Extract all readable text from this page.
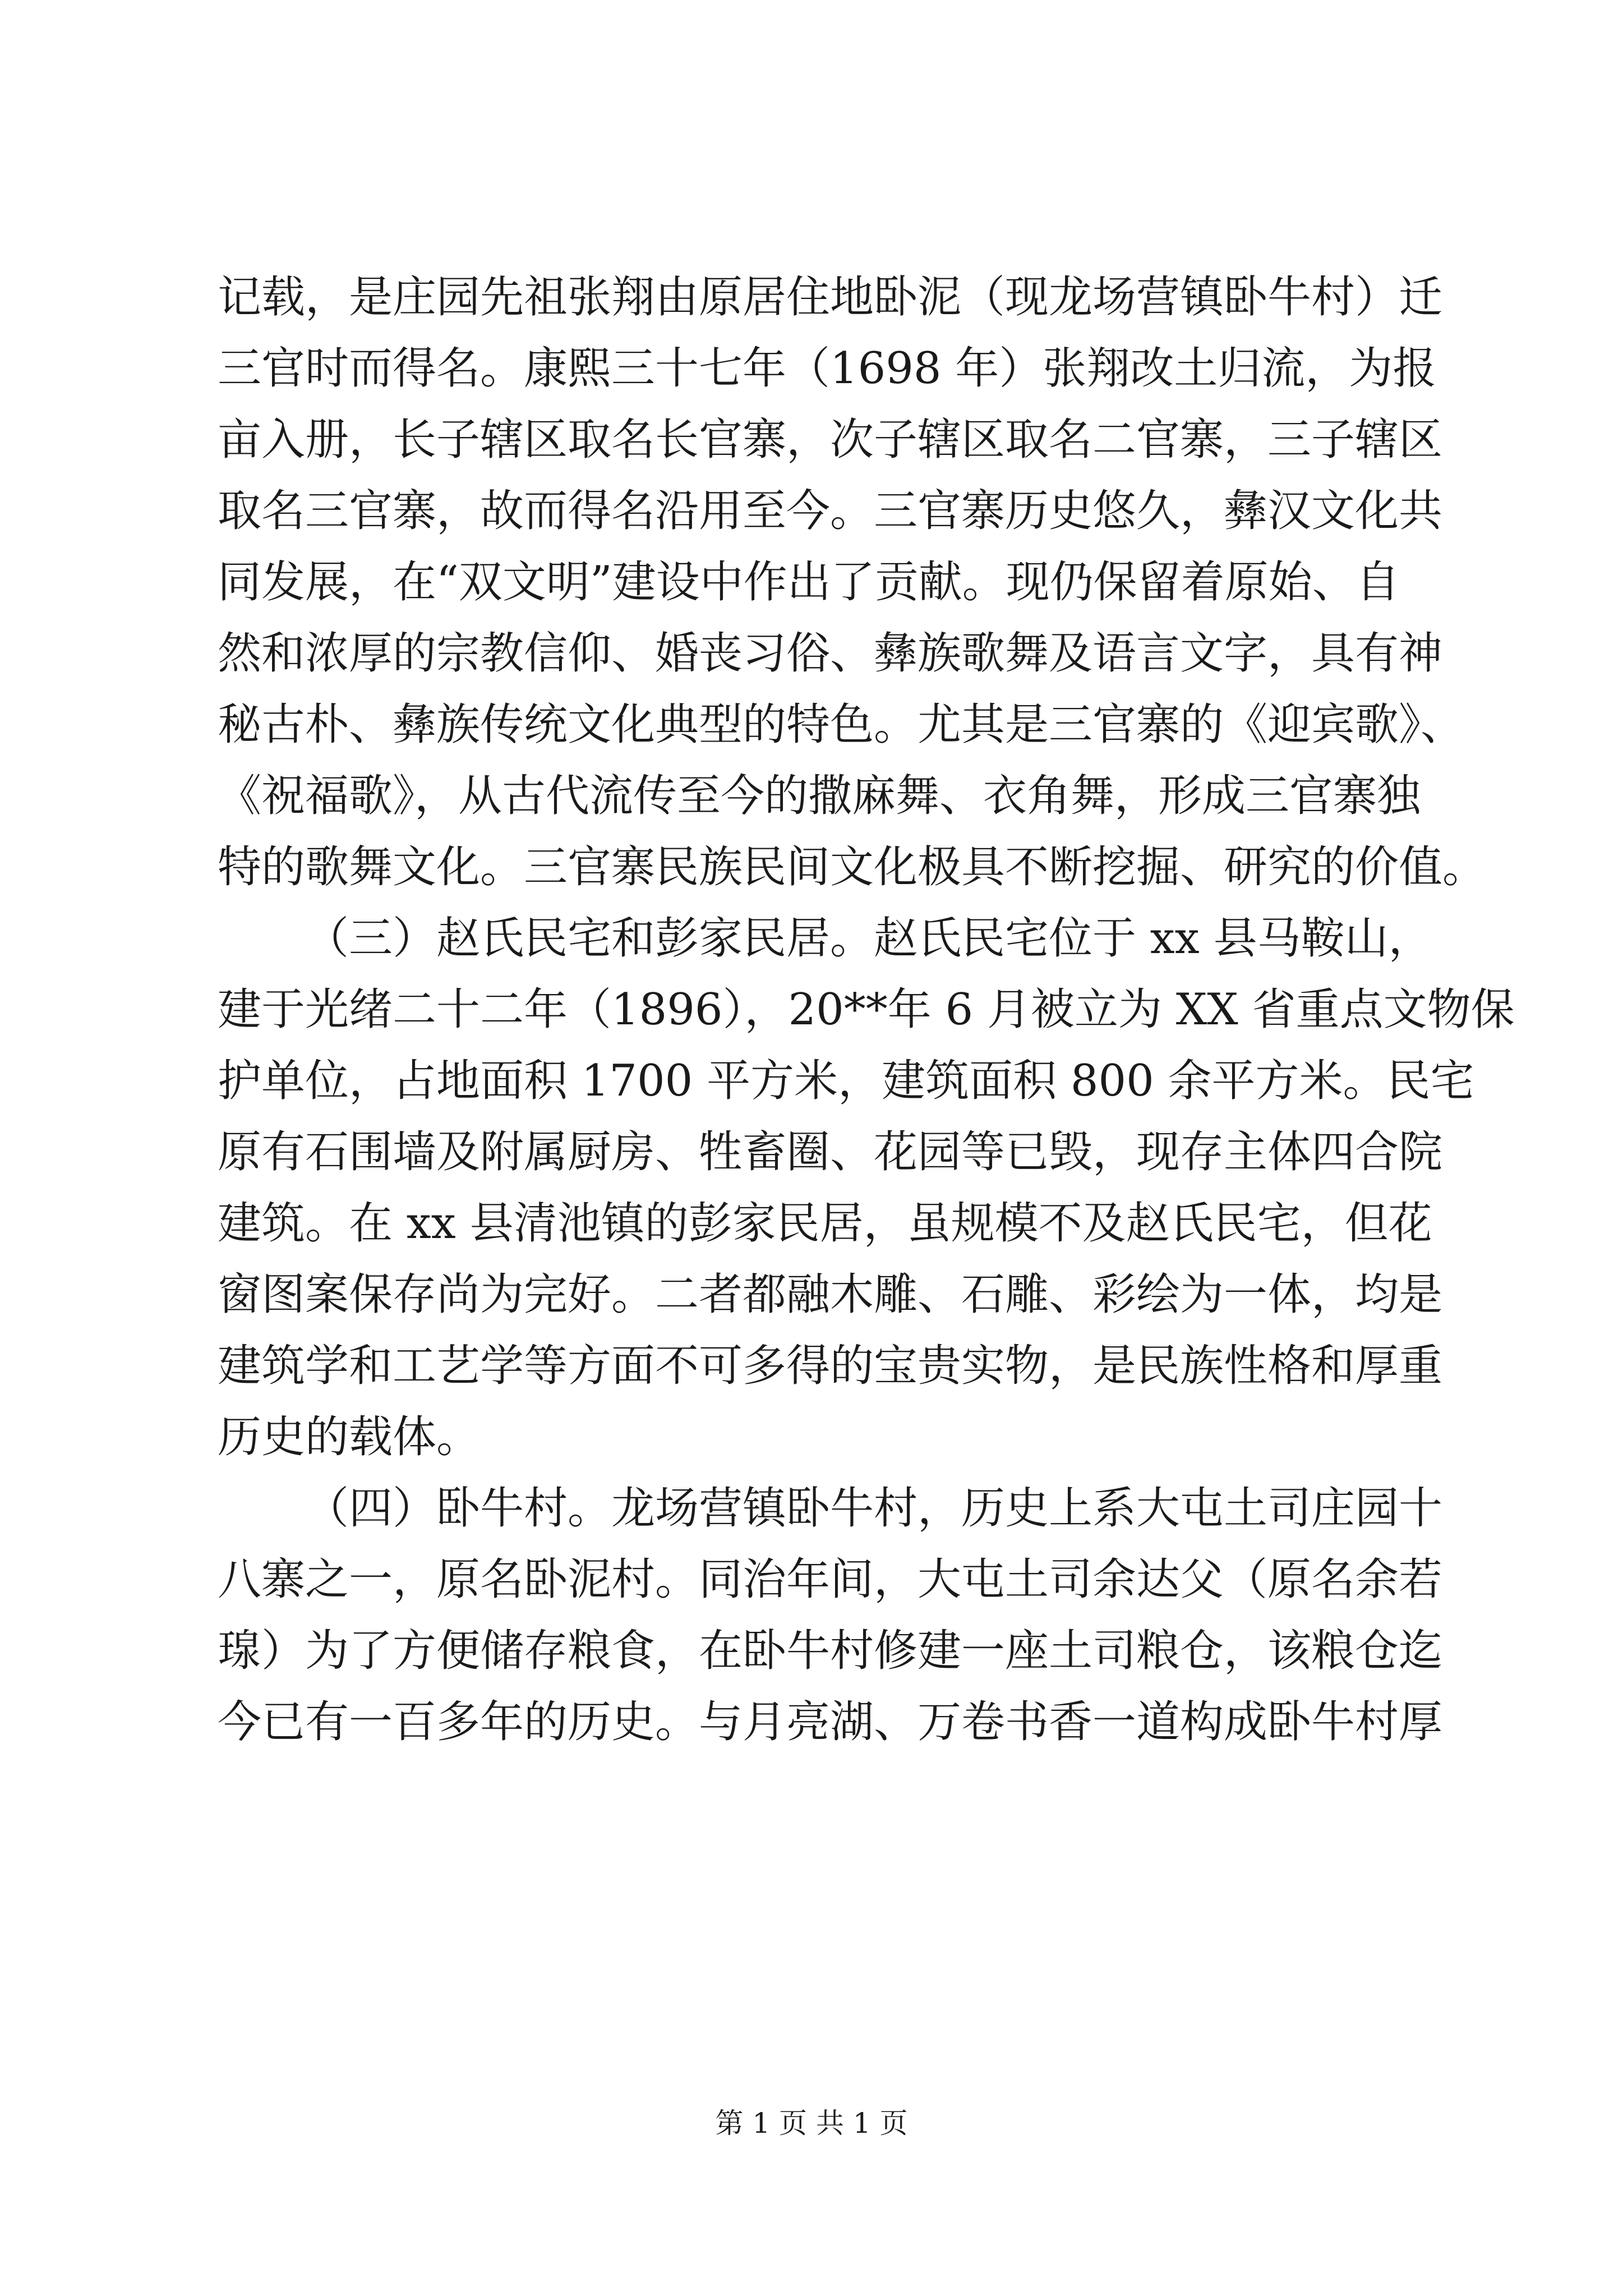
记载，是庄园先祖张翔由原居住地卧泥（现龙场营镇卧牛村）迁
三官时而得名。康熙三十七年（1698 年）张翔改土归流，为报
亩入册，长子辖区取名长官寨，次子辖区取名二官寨，三子辖区
取名三官寨，故而得名沿用至今。三官寨历史悠久，彝汉文化共
同发展，在“双文明”建设中作出了贡献。现仍保留着原始、自
然和浓厚的宗教信仰、婚丧习俗、彝族歌舞及语言文字，具有神
秘古朴、彝族传统文化典型的特色。尤其是三官寨的《迎宾歌》、
《祝福歌》，从古代流传至今的撒麻舞、衣角舞，形成三官寨独
特的歌舞文化。三官寨民族民间文化极具不断挖掘、研究的价值。
（三）赵氏民宅和彭家民居。赵氏民宅位于 xx 县马鞍山，
建于光绪二十二年（1896），20**年 6 月被立为 XX 省重点文物保
护单位，占地面积 1700 平方米，建筑面积 800 余平方米。民宅
原有石围墙及附属厨房、牲畜圈、花园等已毁，现存主体四合院
建筑。在 xx 县清池镇的彭家民居，虽规模不及赵氏民宅，但花
窗图案保存尚为完好。二者都融木雕、石雕、彩绘为一体，均是
建筑学和工艺学等方面不可多得的宝贵实物，是民族性格和厚重
历史的载体。
（四）卧牛村。龙场营镇卧牛村，历史上系大屯土司庄园十
八寨之一，原名卧泥村。同治年间，大屯土司余达父（原名余若
瑔）为了方便储存粮食，在卧牛村修建一座土司粮仓，该粮仓迄
今已有一百多年的历史。与月亮湖、万卷书香一道构成卧牛村厚
第 1 页 共 1 页
